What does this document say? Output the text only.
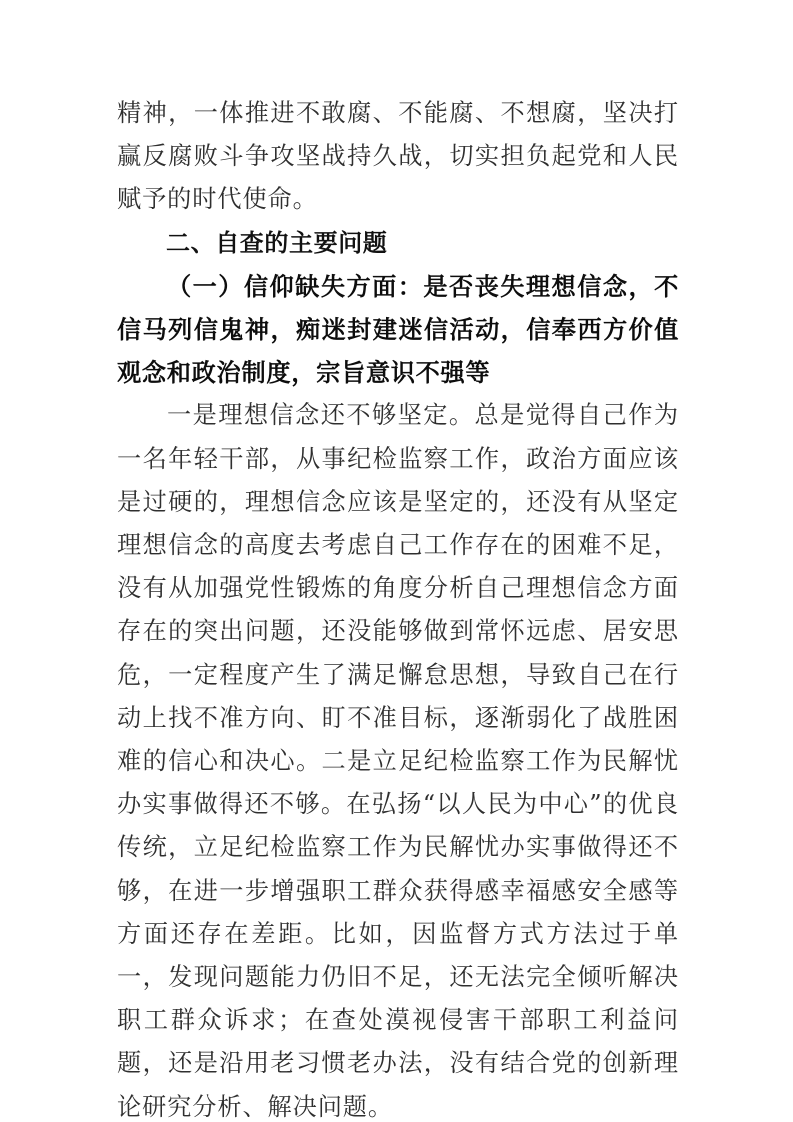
精神，一体推进不敢腐、不能腐、不想腐，坚决打赢反腐败斗争攻坚战持久战，切实担负起党和人民赋予的时代使命。

二、自查的主要问题
（一）信仰缺失方面：是否丧失理想信念，不信马列信鬼神，痴迷封建迷信活动，信奉西方价值观念和政治制度，宗旨意识不强等

一是理想信念还不够坚定。总是觉得自己作为一名年轻干部，从事纪检监察工作，政治方面应该是过硬的，理想信念应该是坚定的，还没有从坚定理想信念的高度去考虑自己工作存在的困难不足，没有从加强党性锻炼的角度分析自己理想信念方面存在的突出问题，还没能够做到常怀远虑、居安思危，一定程度产生了满足懈怠思想，导致自己在行动上找不准方向、盯不准目标，逐渐弱化了战胜困难的信心和决心。二是立足纪检监察工作为民解忧办实事做得还不够。在弘扬“以人民为中心”的优良传统，立足纪检监察工作为民解忧办实事做得还不够，在进一步增强职工群众获得感幸福感安全感等方面还存在差距。比如，因监督方式方法过于单一，发现问题能力仍旧不足，还无法完全倾听解决职工群众诉求；在查处漠视侵害干部职工利益问题，还是沿用老习惯老办法，没有结合党的创新理论研究分析、解决问题。
